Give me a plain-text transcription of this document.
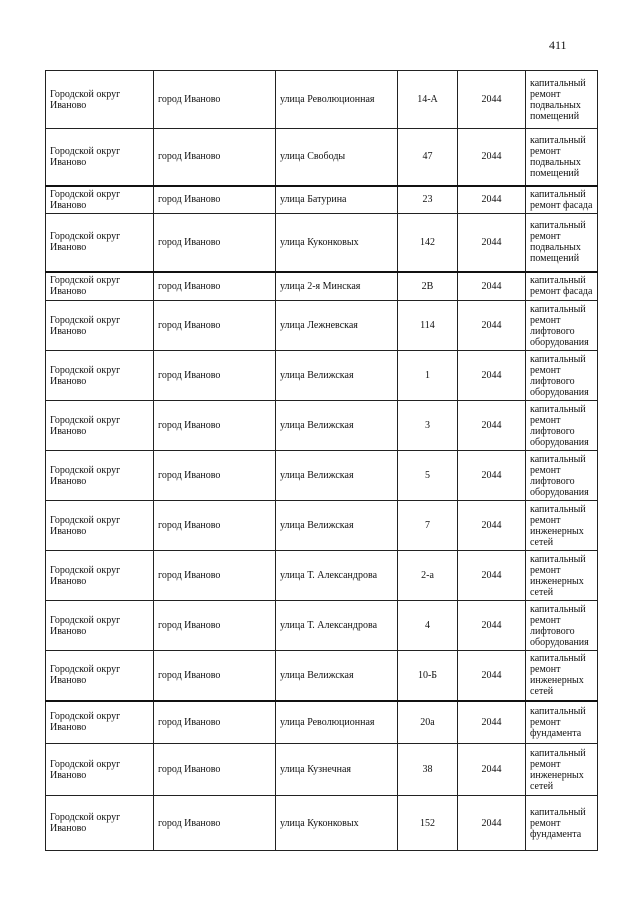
411
Городской округ Иваново	город Иваново	улица Революционная	14-А	2044	капитальный ремонт подвальных помещений
Городской округ Иваново	город Иваново	улица Свободы	47	2044	капитальный ремонт подвальных помещений
Городской округ Иваново	город Иваново	улица Батурина	23	2044	капитальный ремонт фасада
Городской округ Иваново	город Иваново	улица Куконковых	142	2044	капитальный ремонт подвальных помещений
Городской округ Иваново	город Иваново	улица 2-я Минская	2В	2044	капитальный ремонт фасада
Городской округ Иваново	город Иваново	улица Лежневская	114	2044	капитальный ремонт лифтового оборудования
Городской округ Иваново	город Иваново	улица Велижская	1	2044	капитальный ремонт лифтового оборудования
Городской округ Иваново	город Иваново	улица Велижская	3	2044	капитальный ремонт лифтового оборудования
Городской округ Иваново	город Иваново	улица Велижская	5	2044	капитальный ремонт лифтового оборудования
Городской округ Иваново	город Иваново	улица Велижская	7	2044	капитальный ремонт инженерных сетей
Городской округ Иваново	город Иваново	улица Т. Александрова	2-а	2044	капитальный ремонт инженерных сетей
Городской округ Иваново	город Иваново	улица Т. Александрова	4	2044	капитальный ремонт лифтового оборудования
Городской округ Иваново	город Иваново	улица Велижская	10-Б	2044	капитальный ремонт инженерных сетей
Городской округ Иваново	город Иваново	улица Революционная	20а	2044	капитальный ремонт фундамента
Городской округ Иваново	город Иваново	улица Кузнечная	38	2044	капитальный ремонт инженерных сетей
Городской округ Иваново	город Иваново	улица Куконковых	152	2044	капитальный ремонт фундамента
